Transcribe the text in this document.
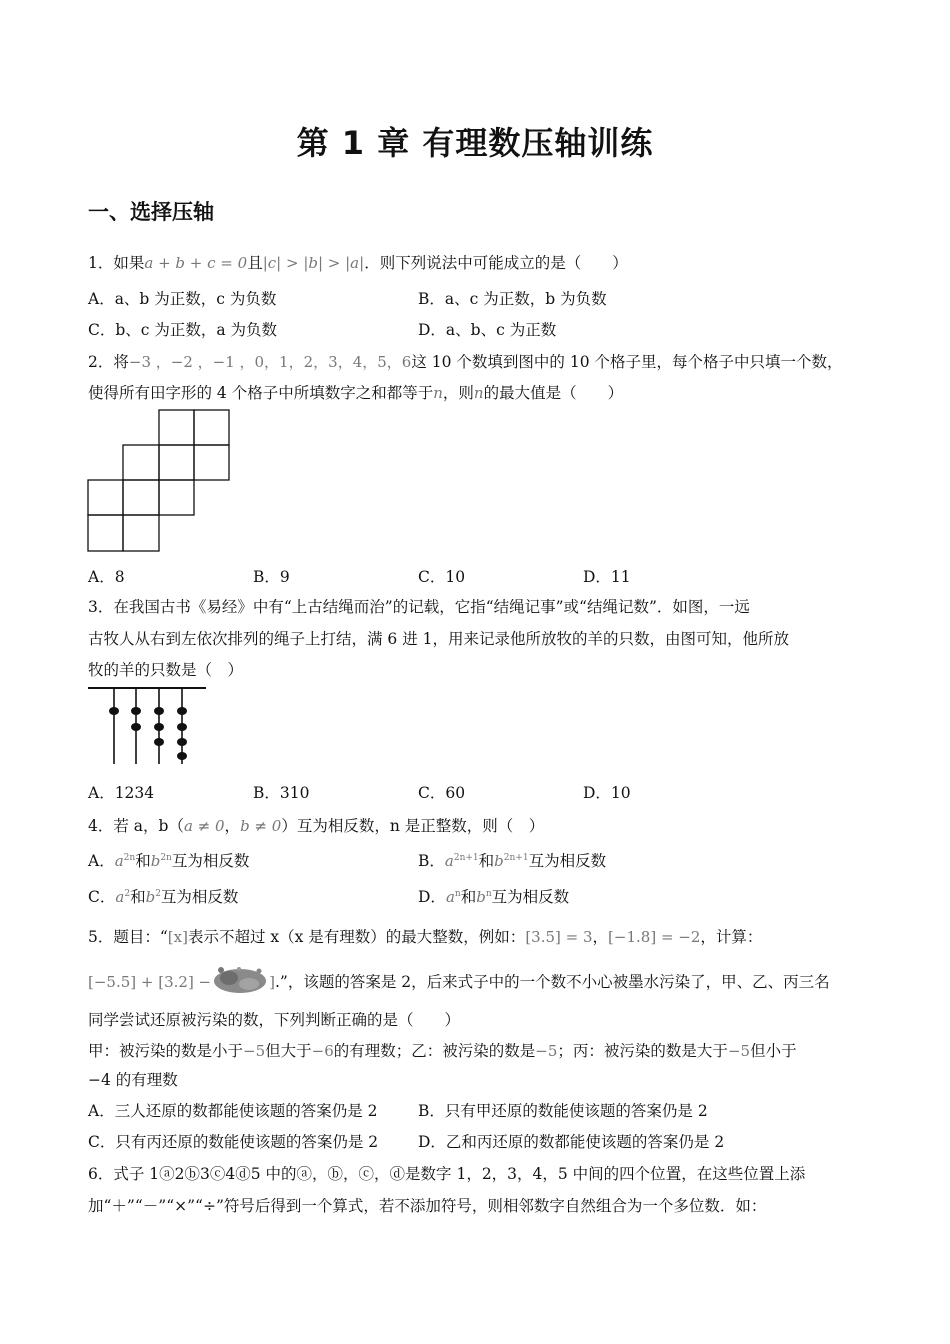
第 1 章 有理数压轴训练
一、选择压轴
1．如果a + b + c = 0且|c| > |b| > |a|．则下列说法中可能成立的是（　　）
A．a、b 为正数，c 为负数	B．a、c 为正数，b 为负数
C．b、c 为正数，a 为负数	D．a、b、c 为正数
2．将−3 ，−2 ，−1 ，0，1，2，3，4，5，6这 10 个数填到图中的 10 个格子里，每个格子中只填一个数，
使得所有田字形的 4 个格子中所填数字之和都等于n，则n的最大值是（　　）
A．8	B．9	C．10	D．11
3．在我国古书《易经》中有“上古结绳而治”的记载，它指“结绳记事”或“结绳记数”．如图，一远
古牧人从右到左依次排列的绳子上打结，满 6 进 1，用来记录他所放牧的羊的只数，由图可知，他所放
牧的羊的只数是（　）
A．1234	B．310	C．60	D．10
4．若 a，b（a ≠ 0，b ≠ 0）互为相反数，n 是正整数，则（　）
A．$a^{2n}$和$b^{2n}$互为相反数	B．$a^{2n+1}$和$b^{2n+1}$互为相反数
C．$a^2$和$b^2$互为相反数	D．$a^n$和$b^n$互为相反数
5．题目：“[x]表示不超过 x（x 是有理数）的最大整数，例如：[3.5] = 3，[−1.8] = −2，计算：
[−5.5] + [3.2] −	].”，该题的答案是 2，后来式子中的一个数不小心被墨水污染了，甲、乙、丙三名
同学尝试还原被污染的数，下列判断正确的是（　　）
甲：被污染的数是小于−5但大于−6的有理数；乙：被污染的数是−5；丙：被污染的数是大于−5但小于
−4 的有理数
A．三人还原的数都能使该题的答案仍是 2	B．只有甲还原的数能使该题的答案仍是 2
C．只有丙还原的数能使该题的答案仍是 2	D．乙和丙还原的数都能使该题的答案仍是 2
6．式子 1ⓐ2ⓑ3ⓒ4ⓓ5 中的ⓐ，ⓑ，ⓒ，ⓓ是数字 1，2，3，4，5 中间的四个位置，在这些位置上添
加“＋”“－”“×”“÷”符号后得到一个算式，若不添加符号，则相邻数字自然组合为一个多位数．如：
